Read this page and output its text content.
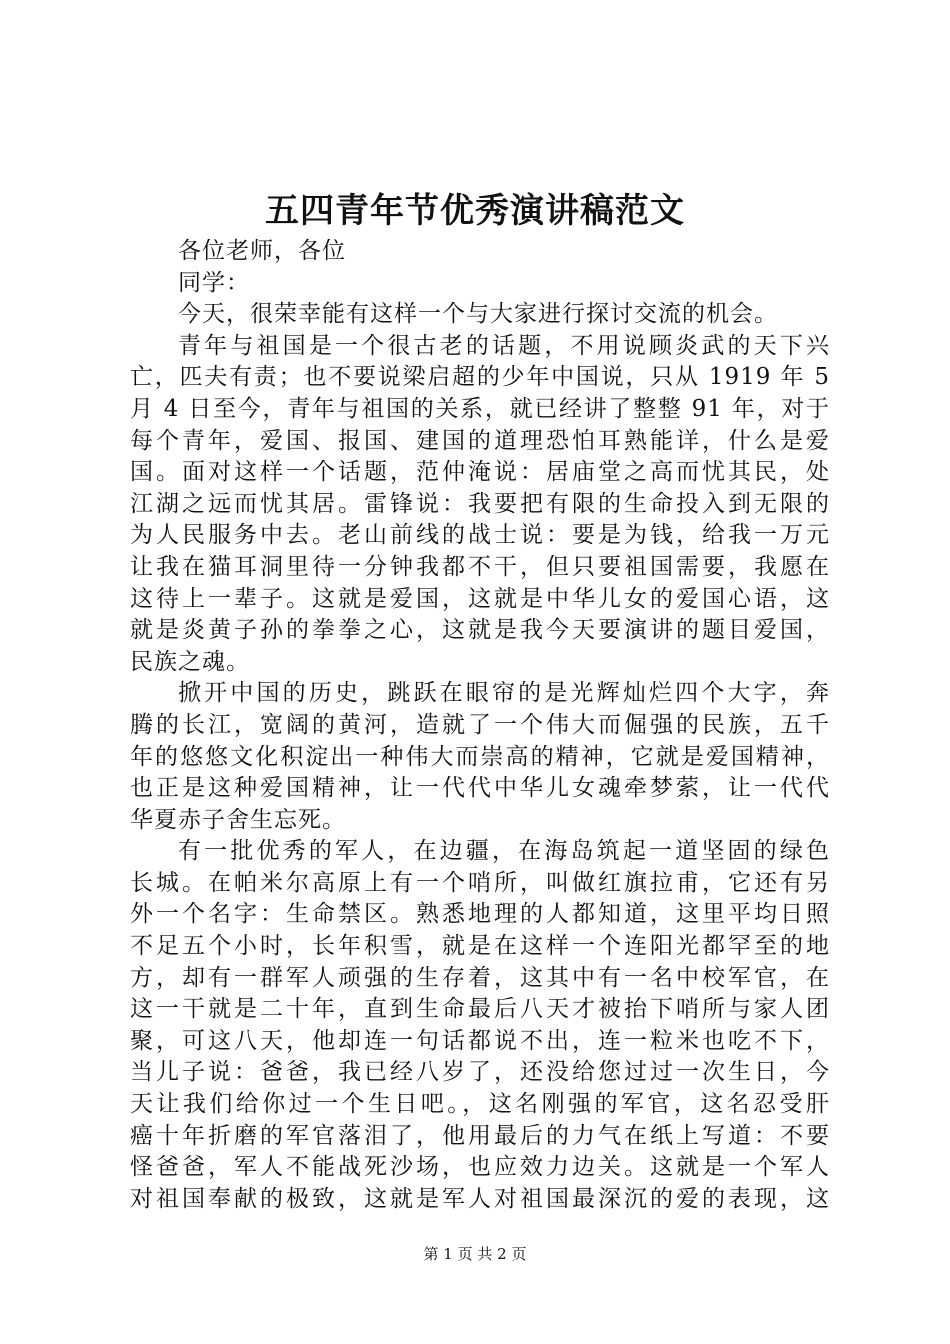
五四青年节优秀演讲稿范文
各位老师，各位
同学：
今天，很荣幸能有这样一个与大家进行探讨交流的机会。
青年与祖国是一个很古老的话题，不用说顾炎武的天下兴
亡，匹夫有责；也不要说梁启超的少年中国说，只从 1919 年 5
月 4 日至今，青年与祖国的关系，就已经讲了整整 91 年，对于
每个青年，爱国、报国、建国的道理恐怕耳熟能详，什么是爱
国。面对这样一个话题，范仲淹说：居庙堂之高而忧其民，处
江湖之远而忧其居。雷锋说：我要把有限的生命投入到无限的
为人民服务中去。老山前线的战士说：要是为钱，给我一万元
让我在猫耳洞里待一分钟我都不干，但只要祖国需要，我愿在
这待上一辈子。这就是爱国，这就是中华儿女的爱国心语，这
就是炎黄子孙的拳拳之心，这就是我今天要演讲的题目爱国，
民族之魂。
掀开中国的历史，跳跃在眼帘的是光辉灿烂四个大字，奔
腾的长江，宽阔的黄河，造就了一个伟大而倔强的民族，五千
年的悠悠文化积淀出一种伟大而崇高的精神，它就是爱国精神，
也正是这种爱国精神，让一代代中华儿女魂牵梦萦，让一代代
华夏赤子舍生忘死。
有一批优秀的军人，在边疆，在海岛筑起一道坚固的绿色
长城。在帕米尔高原上有一个哨所，叫做红旗拉甫，它还有另
外一个名字：生命禁区。熟悉地理的人都知道，这里平均日照
不足五个小时，长年积雪，就是在这样一个连阳光都罕至的地
方，却有一群军人顽强的生存着，这其中有一名中校军官，在
这一干就是二十年，直到生命最后八天才被抬下哨所与家人团
聚，可这八天，他却连一句话都说不出，连一粒米也吃不下，
当儿子说：爸爸，我已经八岁了，还没给您过过一次生日，今
天让我们给你过一个生日吧。，这名刚强的军官，这名忍受肝
癌十年折磨的军官落泪了，他用最后的力气在纸上写道：不要
怪爸爸，军人不能战死沙场，也应效力边关。这就是一个军人
对祖国奉献的极致，这就是军人对祖国最深沉的爱的表现，这
第 1 页 共 2 页
